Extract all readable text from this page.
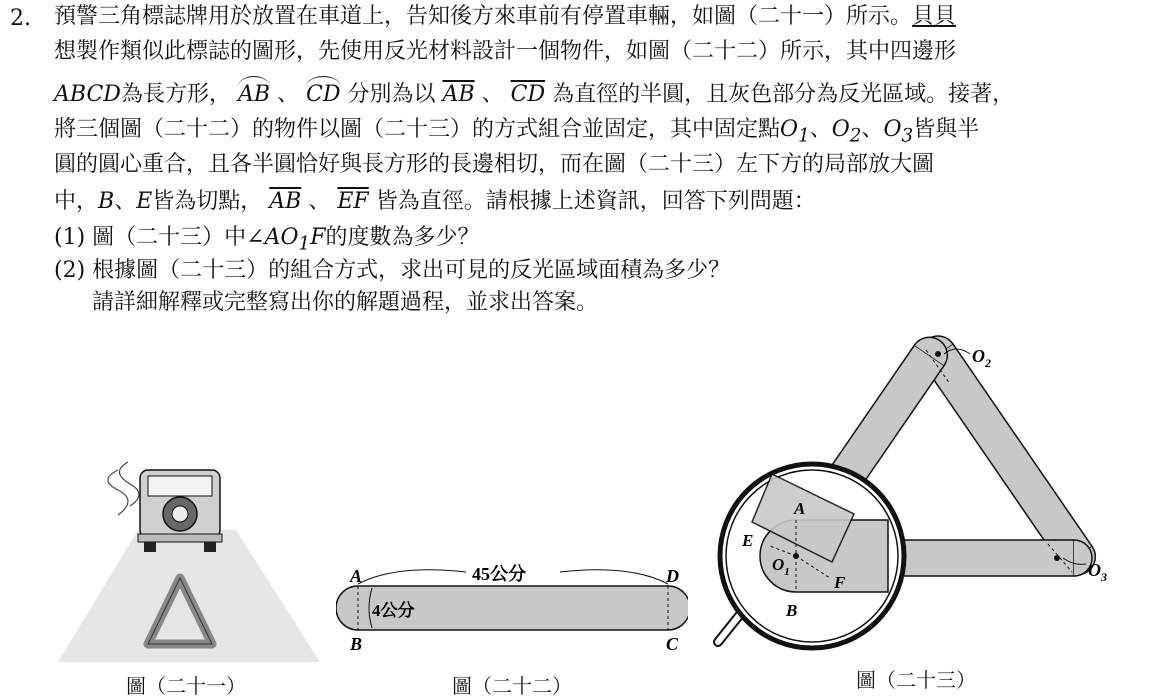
2. 預警三角標誌牌用於放置在車道上，告知後方來車前有停置車輛，如圖（二十一）所示。貝貝
想製作類似此標誌的圖形，先使用反光材料設計一個物件，如圖（二十二）所示，其中四邊形
ABCD為長方形， AB 、 CD 分別為以 $\overline{AB}$ 、 $\overline{CD}$ 為直徑的半圓，且灰色部分為反光區域。接著，
將三個圖（二十二）的物件以圖（二十三）的方式組合並固定，其中固定點$O_1$、$O_2$、$O_3$皆與半
圓的圓心重合，且各半圓恰好與長方形的長邊相切，而在圖（二十三）左下方的局部放大圖
中，B、E皆為切點， $\overline{AB}$ 、 $\overline{EF}$ 皆為直徑。請根據上述資訊，回答下列問題：
(1) 圖（二十三）中$\angle AO_1F$的度數為多少？
(2) 根據圖（二十三）的組合方式，求出可見的反光區域面積為多少？
請詳細解釋或完整寫出你的解題過程，並求出答案。
圖（二十一）
45公分
4公分
A
B	C
D
圖（二十二）
$O_2$
$O_3$
A
E
$O_1$
F
B
圖（二十三）
